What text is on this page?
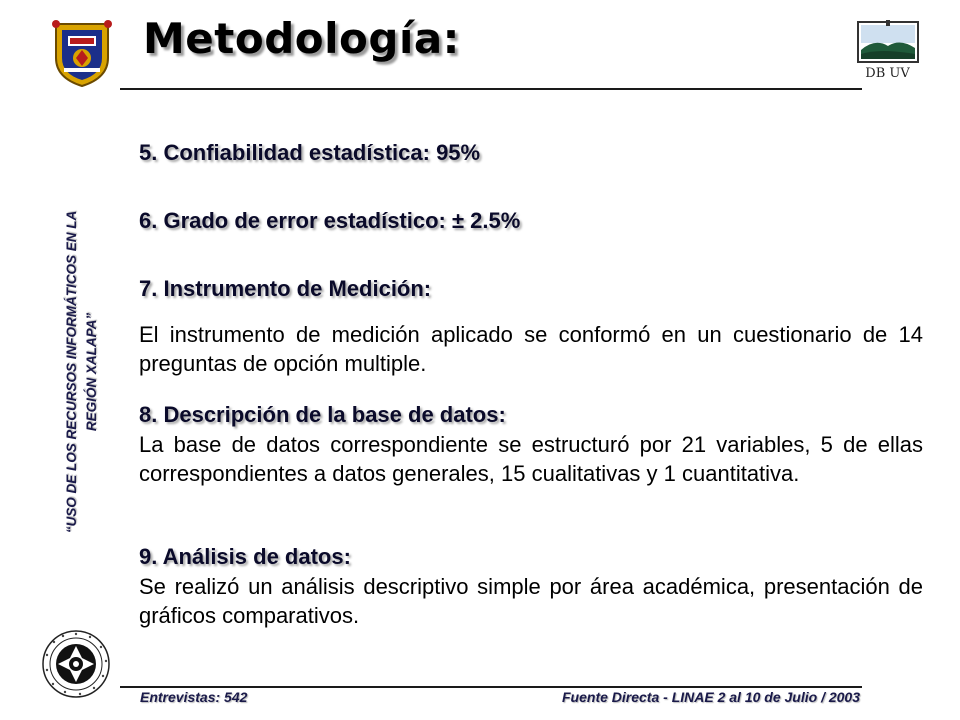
Metodología:
DB UV
“USO DE LOS RECURSOS INFORMÁTICOS EN LA REGIÓN XALAPA”
5. Confiabilidad estadística: 95%
6. Grado de error estadístico: ± 2.5%
7. Instrumento de Medición:

El instrumento de medición aplicado se conformó en un cuestionario de 14 preguntas de opción multiple.

8. Descripción de la base de datos:

La base de datos correspondiente se estructuró por 21 variables, 5 de ellas correspondientes a datos generales, 15 cualitativas y 1 cuantitativa.

9. Análisis de datos:

Se realizó un análisis descriptivo simple por área académica, presentación de gráficos comparativos.

Entrevistas: 542	Fuente Directa - LINAE 2 al 10 de Julio / 2003
